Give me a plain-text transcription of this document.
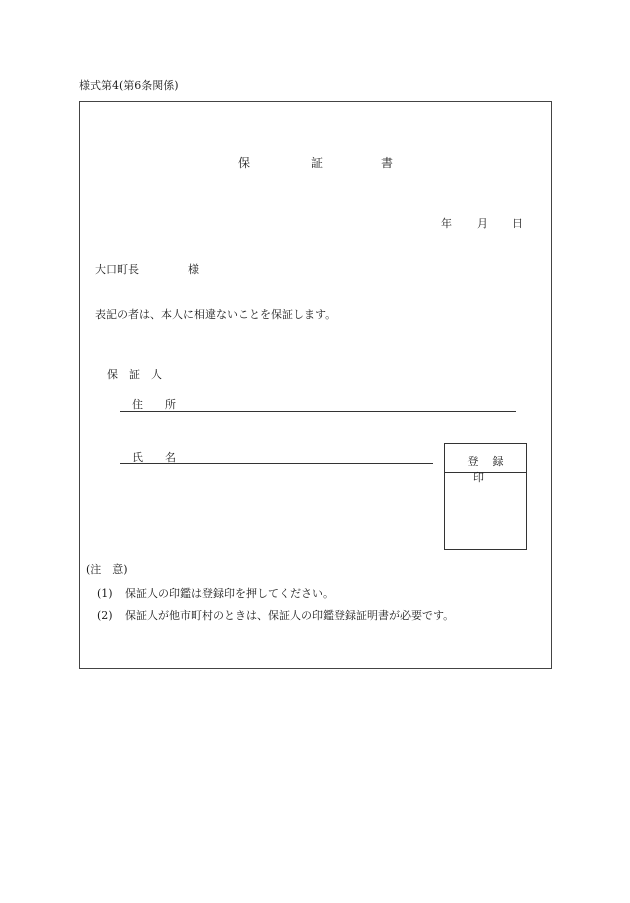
様式第4(第6条関係)
保	証	書
年 月 日
大口町長	様
表記の者は、本人に相違ないことを保証します。
保　証　人
住　　所
氏　　名	登録印
(注　意)
(1) 保証人の印鑑は登録印を押してください。
(2) 保証人が他市町村のときは、保証人の印鑑登録証明書が必要です。
